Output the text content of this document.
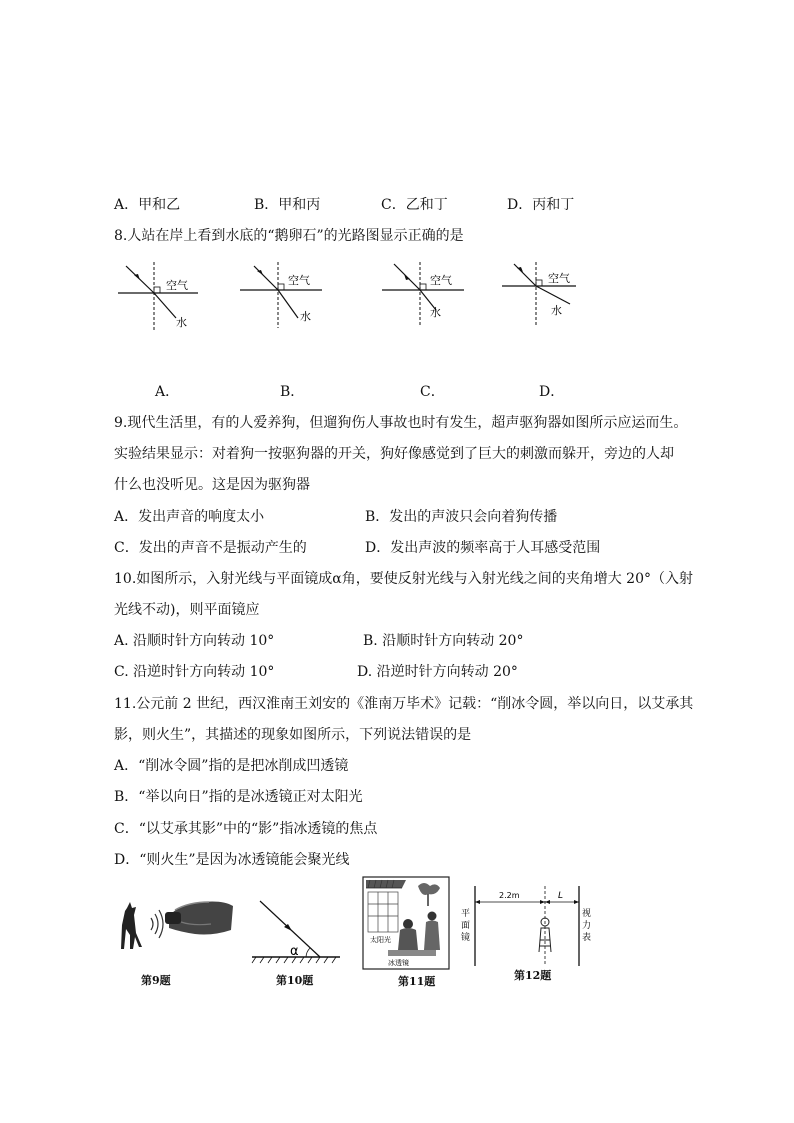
A．甲和乙	B．甲和丙	C．乙和丁	D．丙和丁
8.人站在岸上看到水底的“鹅卵石”的光路图显示正确的是
空气
水
空气
水
空气
水
空气
水
A．	B．	C．	D．
9.现代生活里，有的人爱养狗，但遛狗伤人事故也时有发生，超声驱狗器如图所示应运而生。
实验结果显示：对着狗一按驱狗器的开关，狗好像感觉到了巨大的刺激而躲开，旁边的人却
什么也没听见。这是因为驱狗器
A．发出声音的响度太小	B．发出的声波只会向着狗传播
C．发出的声音不是振动产生的	D．发出声波的频率高于人耳感受范围
10.如图所示，入射光线与平面镜成α角，要使反射光线与入射光线之间的夹角增大 20°（入射
光线不动)，则平面镜应
A. 沿顺时针方向转动 10°	B. 沿顺时针方向转动 20°
C. 沿逆时针方向转动 10°	D. 沿逆时针方向转动 20°
11.公元前 2 世纪，西汉淮南王刘安的《淮南万毕术》记载：“削冰令圆，举以向日，以艾承其
影，则火生”，其描述的现象如图所示，下列说法错误的是
A．“削冰令圆”指的是把冰削成凹透镜
B．“举以向日”指的是冰透镜正对太阳光
C．“以艾承其影”中的“影”指冰透镜的焦点
D．“则火生”是因为冰透镜能会聚光线
第9题
α
第10题
太阳光
冰透镜
第11题
2.2m	L
平
面
镜
视
力
表
第12题
